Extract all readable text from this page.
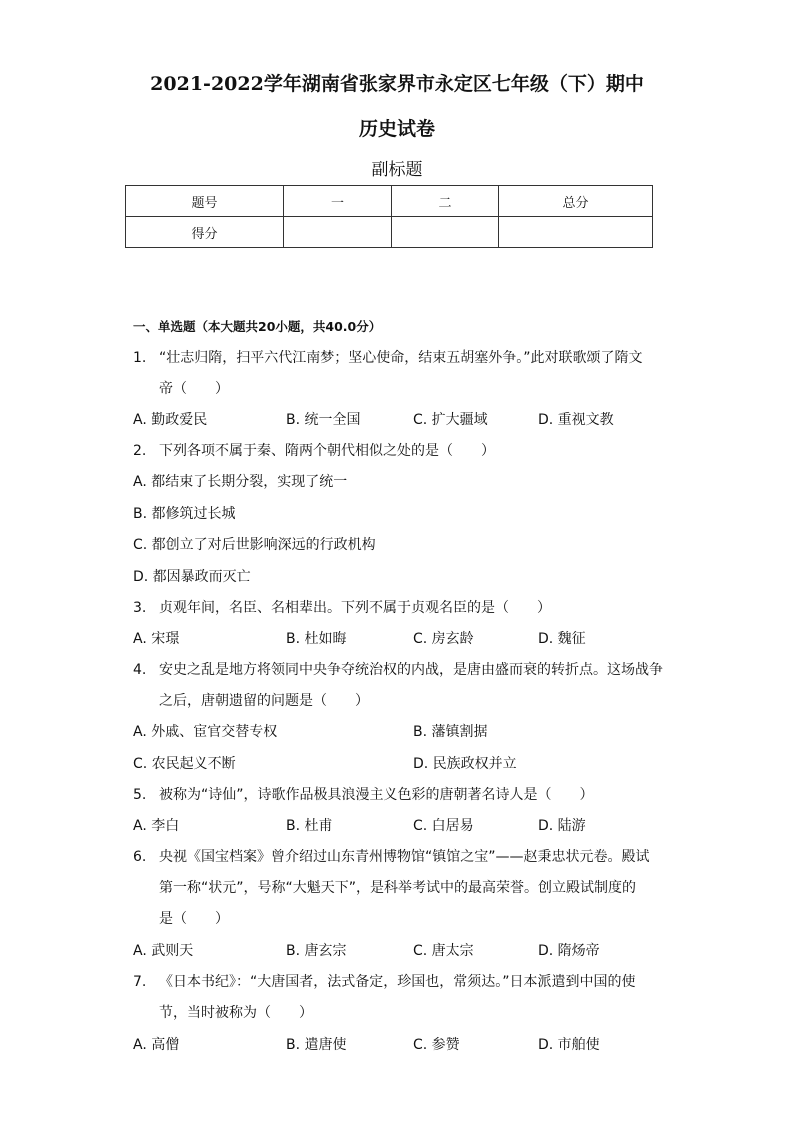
2021-2022学年湖南省张家界市永定区七年级（下）期中
历史试卷
副标题
题号	一	二	总分
得分			
一、单选题（本大题共20小题，共40.0分）
1. “壮志归隋，扫平六代江南梦；坚心使命，结束五胡塞外争。”此对联歌颂了隋文
帝（　　）
A. 勤政爱民	B. 统一全国	C. 扩大疆域	D. 重视文教
2. 下列各项不属于秦、隋两个朝代相似之处的是（　　）
A. 都结束了长期分裂，实现了统一
B. 都修筑过长城
C. 都创立了对后世影响深远的行政机构
D. 都因暴政而灭亡
3. 贞观年间，名臣、名相辈出。下列不属于贞观名臣的是（　　）
A. 宋璟	B. 杜如晦	C. 房玄龄	D. 魏征
4. 安史之乱是地方将领同中央争夺统治权的内战，是唐由盛而衰的转折点。这场战争
之后，唐朝遗留的问题是（　　）
A. 外戚、宦官交替专权	B. 藩镇割据
C. 农民起义不断	D. 民族政权并立
5. 被称为“诗仙”，诗歌作品极具浪漫主义色彩的唐朝著名诗人是（　　）
A. 李白	B. 杜甫	C. 白居易	D. 陆游
6. 央视《国宝档案》曾介绍过山东青州博物馆“镇馆之宝”——赵秉忠状元卷。殿试
第一称“状元”，号称“大魁天下”，是科举考试中的最高荣誉。创立殿试制度的
是（　　）
A. 武则天	B. 唐玄宗	C. 唐太宗	D. 隋炀帝
7. 《日本书纪》：“大唐国者，法式备定，珍国也，常须达。”日本派遣到中国的使
节，当时被称为（　　）
A. 高僧	B. 遣唐使	C. 参赞	D. 市舶使
